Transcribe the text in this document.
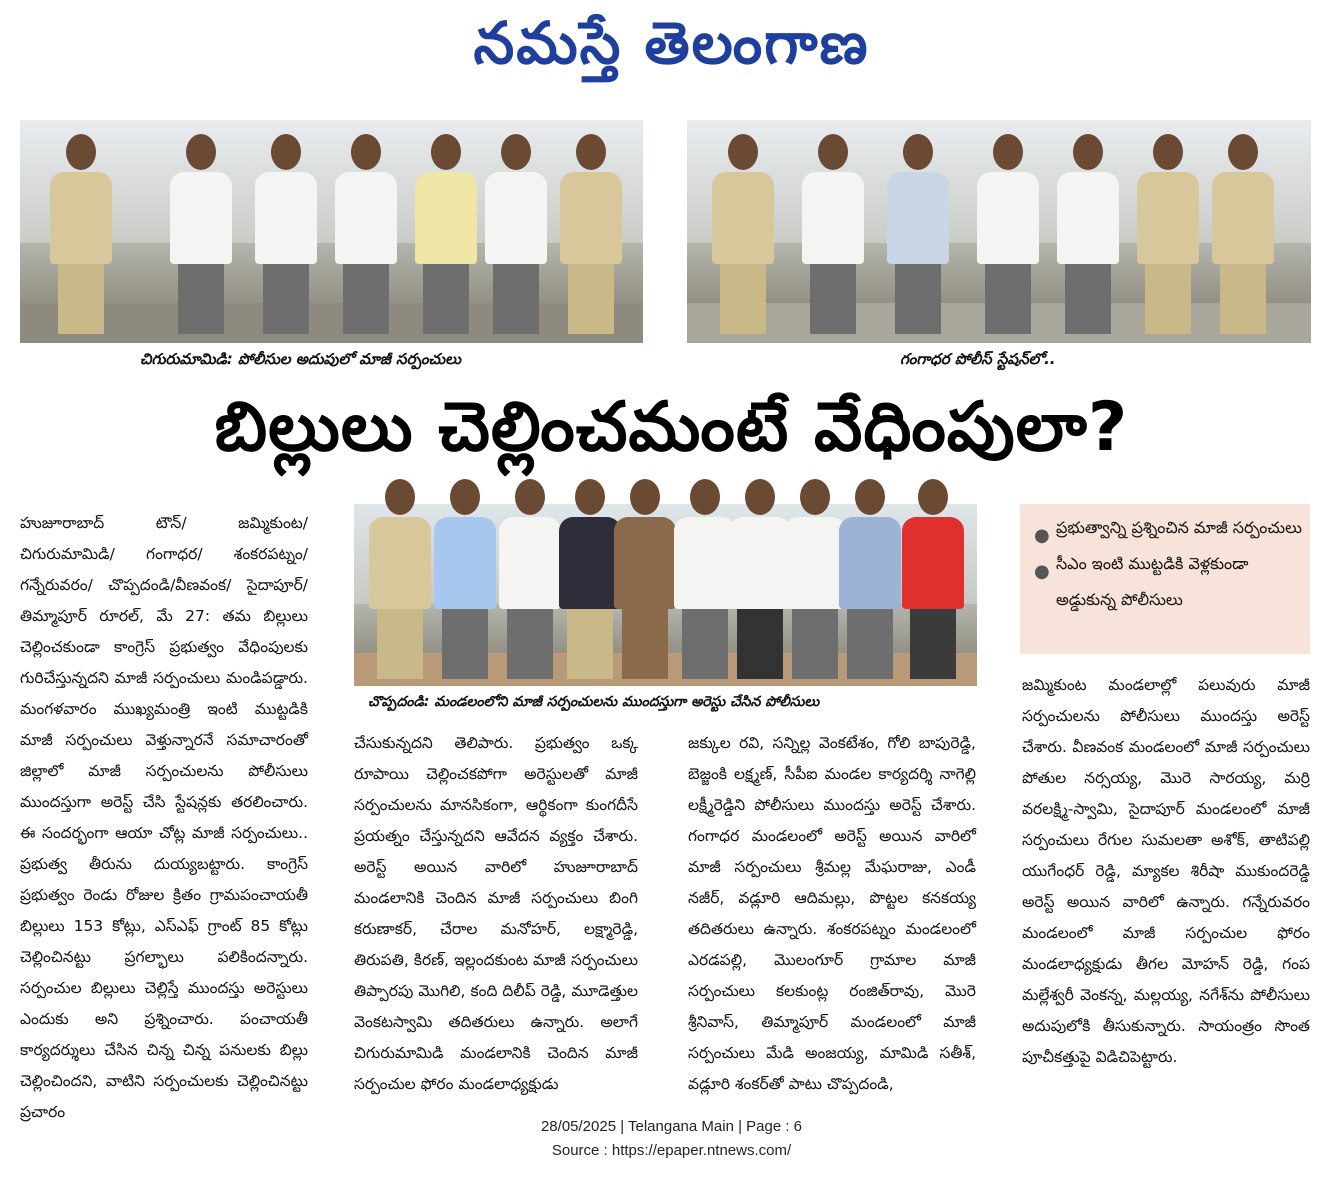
నమస్తే తెలంగాణ
చిగురుమామిడి: పోలీసుల అదుపులో మాజీ సర్పంచులు	గంగాధర పోలీస్ స్టేషన్‌లో..
బిల్లులు చెల్లించమంటే వేధింపులా?
చొప్పదండి: మండలంలోని మాజీ సర్పంచులను ముందస్తుగా అరెస్టు చేసిన పోలీసులు
● ప్రభుత్వాన్ని ప్రశ్నించిన మాజీ సర్పంచులు
● సీఎం ఇంటి ముట్టడికి వెళ్లకుండా అడ్డుకున్న పోలీసులు

హుజూరాబాద్ టౌన్/ జమ్మికుంట/ చిగురుమామిడి/ గంగాధర/ శంకరపట్నం/ గన్నేరువరం/ చొప్పదండి/వీణవంక/ సైదాపూర్/ తిమ్మాపూర్ రూరల్, మే 27: తమ బిల్లులు చెల్లించకుండా కాంగ్రెస్ ప్రభుత్వం వేధింపులకు గురిచేస్తున్నదని మాజీ సర్పంచులు మండిపడ్డారు. మంగళవారం ముఖ్యమంత్రి ఇంటి ముట్టడికి మాజీ సర్పంచులు వెళ్తున్నారనే సమాచారంతో జిల్లాలో మాజీ సర్పంచులను పోలీసులు ముందస్తుగా అరెస్ట్ చేసి స్టేషన్లకు తరలించారు. ఈ సందర్భంగా ఆయా చోట్ల మాజీ సర్పంచులు.. ప్రభుత్వ తీరును దుయ్యబట్టారు. కాంగ్రెస్ ప్రభుత్వం రెండు రోజుల క్రితం గ్రామపంచాయతీ బిల్లులు 153 కోట్లు, ఎస్‌ఎఫ్ గ్రాంట్ 85 కోట్లు చెల్లించినట్టు ప్రగల్భాలు పలికిందన్నారు. సర్పంచుల బిల్లులు చెల్లిస్తే ముందస్తు అరెస్టులు ఎందుకు అని ప్రశ్నించారు. పంచాయతీ కార్యదర్శులు చేసిన చిన్న చిన్న పనులకు బిల్లు చెల్లించిందని, వాటిని సర్పంచులకు చెల్లించినట్టు ప్రచారం

చేసుకున్నదని తెలిపారు. ప్రభుత్వం ఒక్క రూపాయి చెల్లించకపోగా అరెస్టులతో మాజీ సర్పంచులను మానసికంగా, ఆర్థికంగా కుంగదీసే ప్రయత్నం చేస్తున్నదని ఆవేదన వ్యక్తం చేశారు. అరెస్ట్ అయిన వారిలో హుజూరాబాద్ మండలానికి చెందిన మాజీ సర్పంచులు బింగి కరుణాకర్, చేరాల మనోహర్, లక్ష్మారెడ్డి, తిరుపతి, కిరణ్, ఇల్లందకుంట మాజీ సర్పంచులు తిప్పారపు మొగిలి, కంది దిలీప్ రెడ్డి, మూడెత్తుల వెంకటస్వామి తదితరులు ఉన్నారు. అలాగే చిగురుమామిడి మండలానికి చెందిన మాజీ సర్పంచుల ఫోరం మండలాధ్యక్షుడు

జక్కుల రవి, సన్నిల్ల వెంకటేశం, గోలి బాపురెడ్డి, బెజ్జంకి లక్ష్మణ్, సీపీఐ మండల కార్యదర్శి నాగెల్లి లక్ష్మీరెడ్డిని పోలీసులు ముందస్తు అరెస్ట్ చేశారు. గంగాధర మండలంలో అరెస్ట్ అయిన వారిలో మాజీ సర్పంచులు శ్రీమల్ల మేఘరాజు, ఎండీ నజీర్, వడ్లూరి ఆదిమల్లు, పొట్టల కనకయ్య తదితరులు ఉన్నారు. శంకరపట్నం మండలంలో ఎరడపల్లి, మొలంగూర్ గ్రామాల మాజీ సర్పంచులు కలకుంట్ల రంజిత్‌రావు, మొరె శ్రీనివాస్, తిమ్మాపూర్ మండలంలో మాజీ సర్పంచులు మేడి అంజయ్య, మామిడి సతీశ్, వడ్లూరి శంకర్‌తో పాటు చొప్పదండి,

జమ్మికుంట మండలాల్లో పలువురు మాజీ సర్పంచులను పోలీసులు ముందస్తు అరెస్ట్ చేశారు. వీణవంక మండలంలో మాజీ సర్పంచులు పోతుల నర్సయ్య, మొరె సారయ్య, మర్రి వరలక్ష్మి-స్వామి, సైదాపూర్ మండలంలో మాజీ సర్పంచులు రేగుల సుమలతా అశోక్, తాటిపల్లి యుగేంధర్ రెడ్డి, మ్యాకల శిరీషా ముకుందరెడ్డి అరెస్ట్ అయిన వారిలో ఉన్నారు. గన్నేరువరం మండలంలో మాజీ సర్పంచుల ఫోరం మండలాధ్యక్షుడు తీగల మోహన్ రెడ్డి, గంప మల్లేశ్వరీ వెంకన్న, మల్లయ్య, నగేశ్‌ను పోలీసులు అదుపులోకి తీసుకున్నారు. సాయంత్రం సొంత పూచీకత్తుపై విడిచిపెట్టారు.

28/05/2025 | Telangana Main | Page : 6
Source : https://epaper.ntnews.com/
